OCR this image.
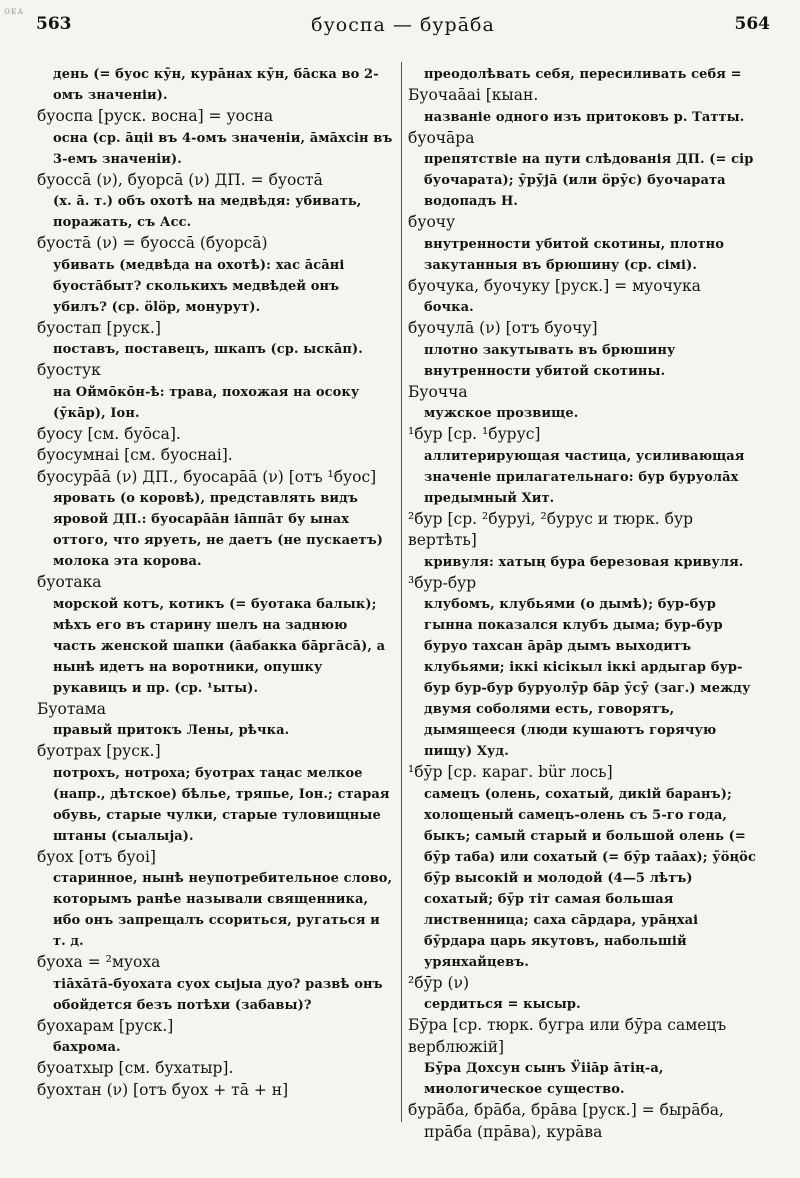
ᴏᴇᴀ
563	буоспа — бурāба	564

день (= буос кӯн, курāнах кӯн, бāска во 2-омъ значеніи).

буоспа [руск. восна] = уосна

осна (ср. āцiі въ 4-омъ значенiи, āмāхсiн въ 3-емъ значенiи).

буоссā (ν), буорсā (ν) ДП. = буостā

(х. ā. т.) объ охотѣ на медвѣдя: убивать, поражать, съ Асс.

буостā (ν) = буоссā (буорсā)

убивать (медвѣда на охотѣ): хас āсāні буостāбыт? сколькихъ медвѣдей онъ убилъ? (ср. ölöр, монурут).

буостап [руск.]

поставъ, поставецъ, шкапъ (ср. ыскāп).

буостук

на Оймōкōн-ѣ: трава, похожая на осоку (ӯкāр), Іон.

буосу [см. буōса].

буосумнаі [см. буоснаі].

буосурāā (ν) ДП., буосарāā (ν) [отъ ¹буос]

яровать (о коровѣ), представлять видъ яровой ДП.: буосарāāн іāппāт бу ынах оттого, что яруеть, не даетъ (не пускаетъ) молока эта корова.

буотака

морской котъ, котикъ (= буотака балык); мѣхъ его въ старину шелъ на заднюю часть женской шапки (āабакка бāргāсā), а нынѣ идетъ на воротники, опушку рукавицъ и пр. (ср. ¹ыты).

Буотама

правый притокъ Лены, рѣчка.

буотрах [руск.]

потрохъ, нотроха; буотрах таңас мелкое (напр., дѣтское) бѣлье, тряпье, Іон.; старая обувь, старые чулки, старые туловищные штаны (сыалыjа).

буох [отъ буоі]

старинное, нынѣ неупотребительное слово, которымъ ранѣе называли священника, ибо онъ запрещалъ ссориться, ругаться и т. д.

буоха = ²муоха

тiāхāтā-буохата суох сыјыа дуо? развѣ онъ обойдется безъ потѣхи (забавы)?

буохарам [руск.]

бахрома.

буоатхыр [см. бухатыр].

буохтан (ν) [отъ буох + тā + н]

преодолѣвать себя, пересиливать себя =

Буочаāаі [кыан.

названіе одного изъ притоковъ р. Татты.

буочāра

препятствіе на пути слѣдованія ДП. (= сiр буочарата); ӯрӯјā (или öрӯс) буочарата водопадъ Н.

буочу

внутренности убитой скотины, плотно закутанныя въ брюшину (ср. сімі).

буочука, буочуку [руск.] = муочука

бочка.

буочулā (ν) [отъ буочу]

плотно закутывать въ брюшину внутренности убитой скотины.

Буочча

мужское прозвище.

¹бур [ср. ¹бурус]

аллитерирующая частица, усиливающая значеніе прилагательнаго: бур буруолāх предымный Хит.

²бур [ср. ²буруі, ²бурус и тюрк. бур вертѣть]

кривуля: хатың бура березовая кривуля.

³бур-бур

клубомъ, клубьями (о дымѣ); бур-бур гынна показался клубъ дыма; бур-бур буруо тахсан āрāр дымъ выходитъ клубьями; iккi кiсiкыл iккi ардыгар бур-бур бур-бур буруолӯр бāр ӯсӯ (заг.) между двумя соболями есть, говорятъ, дымящееся (люди кушаютъ горячую пищу) Худ.

¹бӯр [ср. караг. bür лось]

самецъ (олень, сохатый, дикій баранъ); холощеный самецъ-олень съ 5-го года, быкъ; самый старый и большой олень (= бӯр таба) или сохатый (= бӯр таāах); ӯöңöс бӯр высокій и молодой (4—5 лѣтъ) сохатый; бӯр тiт самая большая лиственница; саха сāрдара, урāңхаі бӯрдара царь якутовъ, набольшій урянхайцевъ.

²бӯр (ν)

сердиться = кысыр.

Бӯра [ср. тюрк. бугра или бӯра самецъ верблюжій]

Бӯра Дохсун сынъ Ӱiiāр āтiң-а, миологическое существо.

бурāба, брāба, брāва [руск.] = бырāба,

прāба (прāва), курāва
